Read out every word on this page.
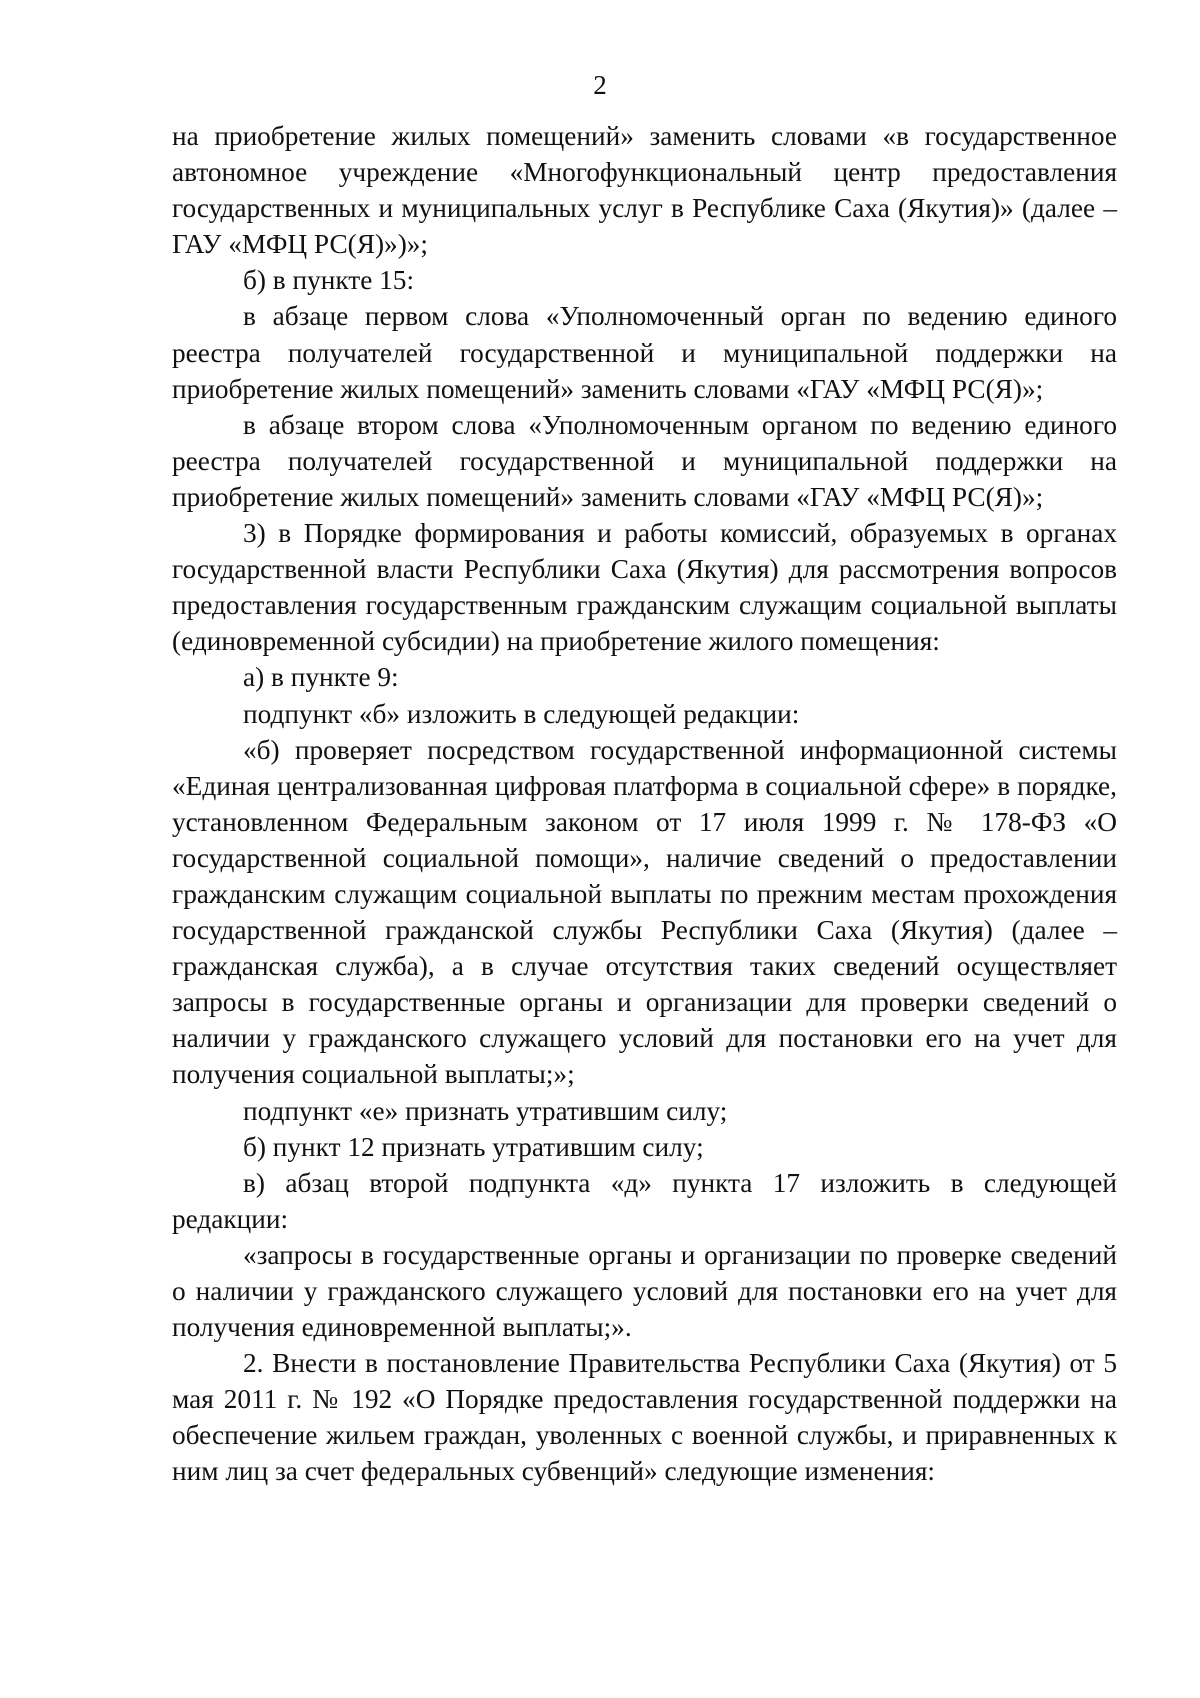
2

на приобретение жилых помещений» заменить словами «в государственное автономное учреждение «Многофункциональный центр предоставления государственных и муниципальных услуг в Республике Саха (Якутия)» (далее – ГАУ «МФЦ РС(Я)»)»;

б) в пункте 15:

в абзаце первом слова «Уполномоченный орган по ведению единого реестра получателей государственной и муниципальной поддержки на приобретение жилых помещений» заменить словами «ГАУ «МФЦ РС(Я)»;

в абзаце втором слова «Уполномоченным органом по ведению единого реестра получателей государственной и муниципальной поддержки на приобретение жилых помещений» заменить словами «ГАУ «МФЦ РС(Я)»;

3) в Порядке формирования и работы комиссий, образуемых в органах государственной власти Республики Саха (Якутия) для рассмотрения вопросов предоставления государственным гражданским служащим социальной выплаты (единовременной субсидии) на приобретение жилого помещения:

а) в пункте 9:

подпункт «б» изложить в следующей редакции:

«б) проверяет посредством государственной информационной системы «Единая централизованная цифровая платформа в социальной сфере» в порядке, установленном Федеральным законом от 17 июля 1999 г. № 178-ФЗ «О государственной социальной помощи», наличие сведений о предоставлении гражданским служащим социальной выплаты по прежним местам прохождения государственной гражданской службы Республики Саха (Якутия) (далее – гражданская служба), а в случае отсутствия таких сведений осуществляет запросы в государственные органы и организации для проверки сведений о наличии у гражданского служащего условий для постановки его на учет для получения социальной выплаты;»;

подпункт «е» признать утратившим силу;

б) пункт 12 признать утратившим силу;

в) абзац второй подпункта «д» пункта 17 изложить в следующей редакции:

«запросы в государственные органы и организации по проверке сведений о наличии у гражданского служащего условий для постановки его на учет для получения единовременной выплаты;».

2. Внести в постановление Правительства Республики Саха (Якутия) от 5 мая 2011 г. № 192 «О Порядке предоставления государственной поддержки на обеспечение жильем граждан, уволенных с военной службы, и приравненных к ним лиц за счет федеральных субвенций» следующие изменения:
